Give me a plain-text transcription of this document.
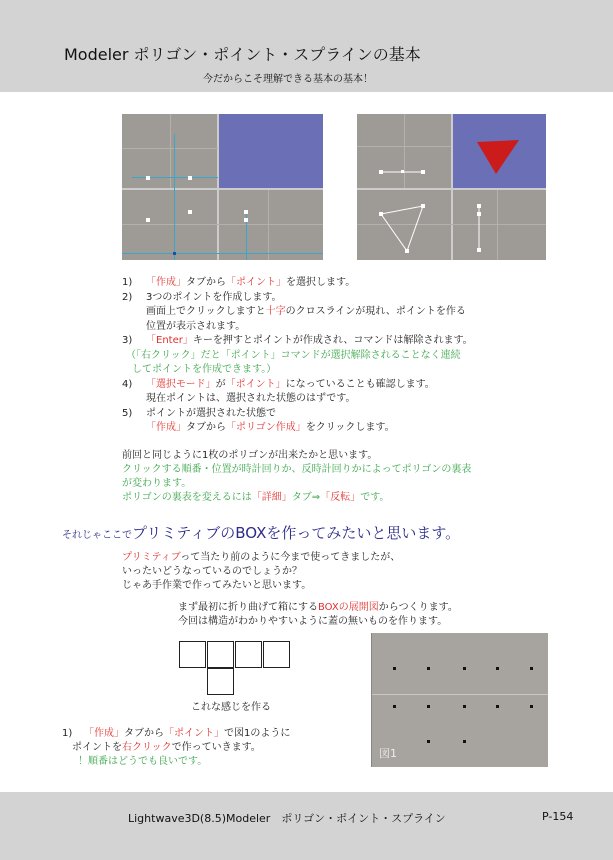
Modeler ポリゴン・ポイント・スプラインの基本
今だからこそ理解できる基本の基本！
1) 「作成」タブから「ポイント」を選択します。
2) 3つのポイントを作成します。
画面上でクリックしますと十字のクロスラインが現れ、ポイントを作る
位置が表示されます。
3) 「Enter」キーを押すとポイントが作成され、コマンドは解除されます。
（「右クリック」だと「ポイント」コマンドが選択解除されることなく連続
してポイントを作成できます。）
4) 「選択モード」が「ポイント」になっていることも確認します。
現在ポイントは、選択された状態のはずです。
5) ポイントが選択された状態で
「作成」タブから「ポリゴン作成」をクリックします。
前回と同じように1枚のポリゴンが出来たかと思います。
クリックする順番・位置が時計回りか、反時計回りかによってポリゴンの裏表
が変わります。
ポリゴンの裏表を変えるには「詳細」タブ⇒「反転」です。
それじゃここでプリミティブのBOXを作ってみたいと思います。
プリミティブって当たり前のように今まで使ってきましたが、
いったいどうなっているのでしょうか？
じゃあ手作業で作ってみたいと思います。
まず最初に折り曲げて箱にするBOXの展開図からつくります。
今回は構造がわかりやすいように蓋の無いものを作ります。
これな感じを作る
図1
1) 「作成」タブから「ポイント」で図1のように
ポイントを右クリックで作っていきます。
！順番はどうでも良いです。
Lightwave3D(8.5)Modeler　ポリゴン・ポイント・スプライン	P-154
